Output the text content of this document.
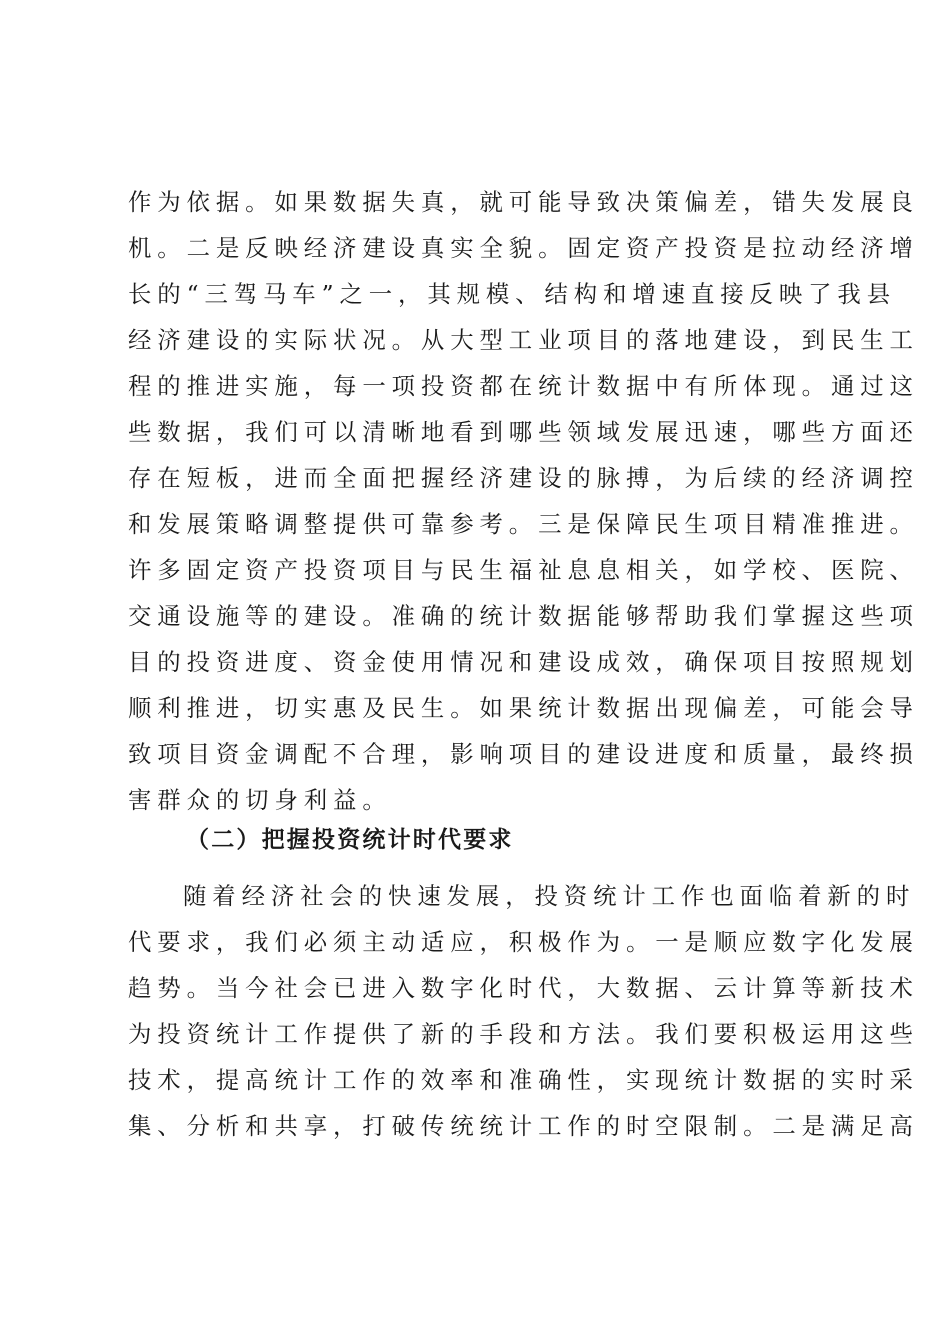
作为依据。如果数据失真，就可能导致决策偏差，错失发展良
机。二是反映经济建设真实全貌。固定资产投资是拉动经济增
长的“三驾马车”之一，其规模、结构和增速直接反映了我县
经济建设的实际状况。从大型工业项目的落地建设，到民生工
程的推进实施，每一项投资都在统计数据中有所体现。通过这
些数据，我们可以清晰地看到哪些领域发展迅速，哪些方面还
存在短板，进而全面把握经济建设的脉搏，为后续的经济调控
和发展策略调整提供可靠参考。三是保障民生项目精准推进。
许多固定资产投资项目与民生福祉息息相关，如学校、医院、
交通设施等的建设。准确的统计数据能够帮助我们掌握这些项
目的投资进度、资金使用情况和建设成效，确保项目按照规划
顺利推进，切实惠及民生。如果统计数据出现偏差，可能会导
致项目资金调配不合理，影响项目的建设进度和质量，最终损
害群众的切身利益。
（二）把握投资统计时代要求
随着经济社会的快速发展，投资统计工作也面临着新的时
代要求，我们必须主动适应，积极作为。一是顺应数字化发展
趋势。当今社会已进入数字化时代，大数据、云计算等新技术
为投资统计工作提供了新的手段和方法。我们要积极运用这些
技术，提高统计工作的效率和准确性，实现统计数据的实时采
集、分析和共享，打破传统统计工作的时空限制。二是满足高
